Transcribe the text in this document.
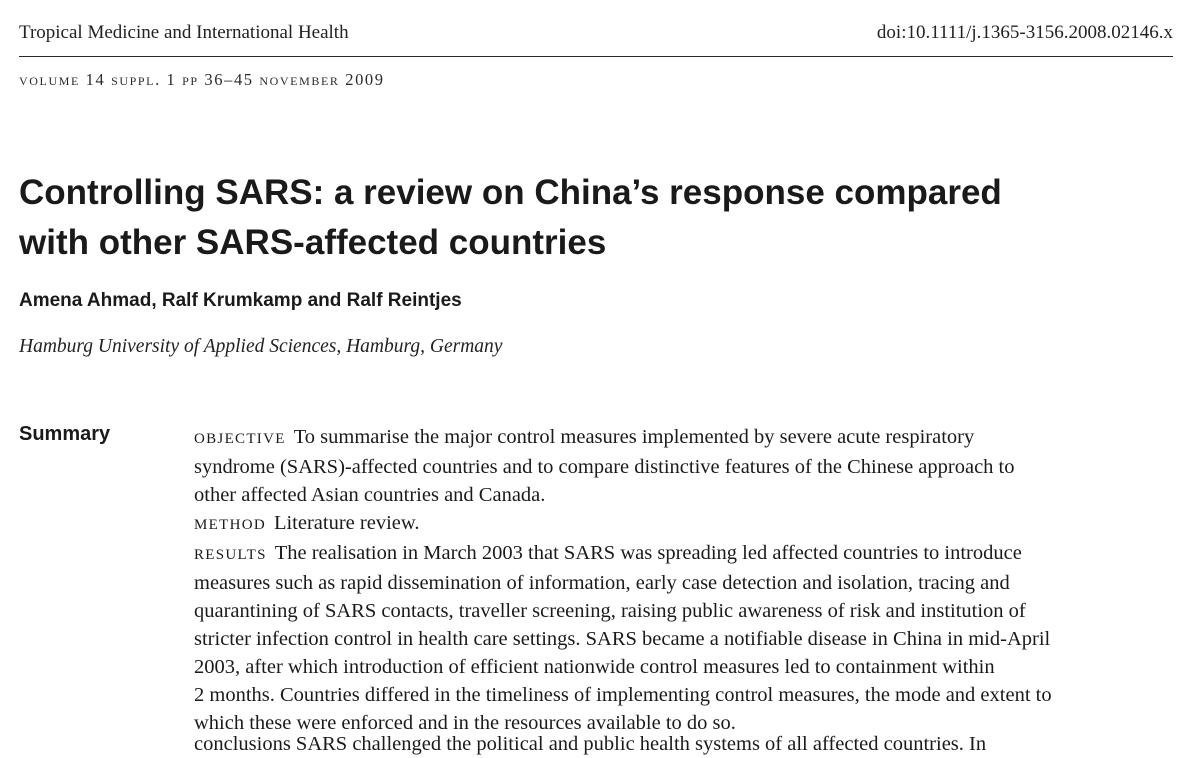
Tropical Medicine and International Health	doi:10.1111/j.1365-3156.2008.02146.x
volume 14 suppl. 1 pp 36–45 november 2009
Controlling SARS: a review on China’s response compared
with other SARS-affected countries
Amena Ahmad, Ralf Krumkamp and Ralf Reintjes
Hamburg University of Applied Sciences, Hamburg, Germany
Summary	OBJECTIVE To summarise the major control measures implemented by severe acute respiratory
syndrome (SARS)-affected countries and to compare distinctive features of the Chinese approach to
other affected Asian countries and Canada.
METHOD Literature review.
RESULTS The realisation in March 2003 that SARS was spreading led affected countries to introduce
measures such as rapid dissemination of information, early case detection and isolation, tracing and
quarantining of SARS contacts, traveller screening, raising public awareness of risk and institution of
stricter infection control in health care settings. SARS became a notifiable disease in China in mid-April
2003, after which introduction of efficient nationwide control measures led to containment within
2 months. Countries differed in the timeliness of implementing control measures, the mode and extent to
which these were enforced and in the resources available to do so.
conclusions SARS challenged the political and public health systems of all affected countries. In
